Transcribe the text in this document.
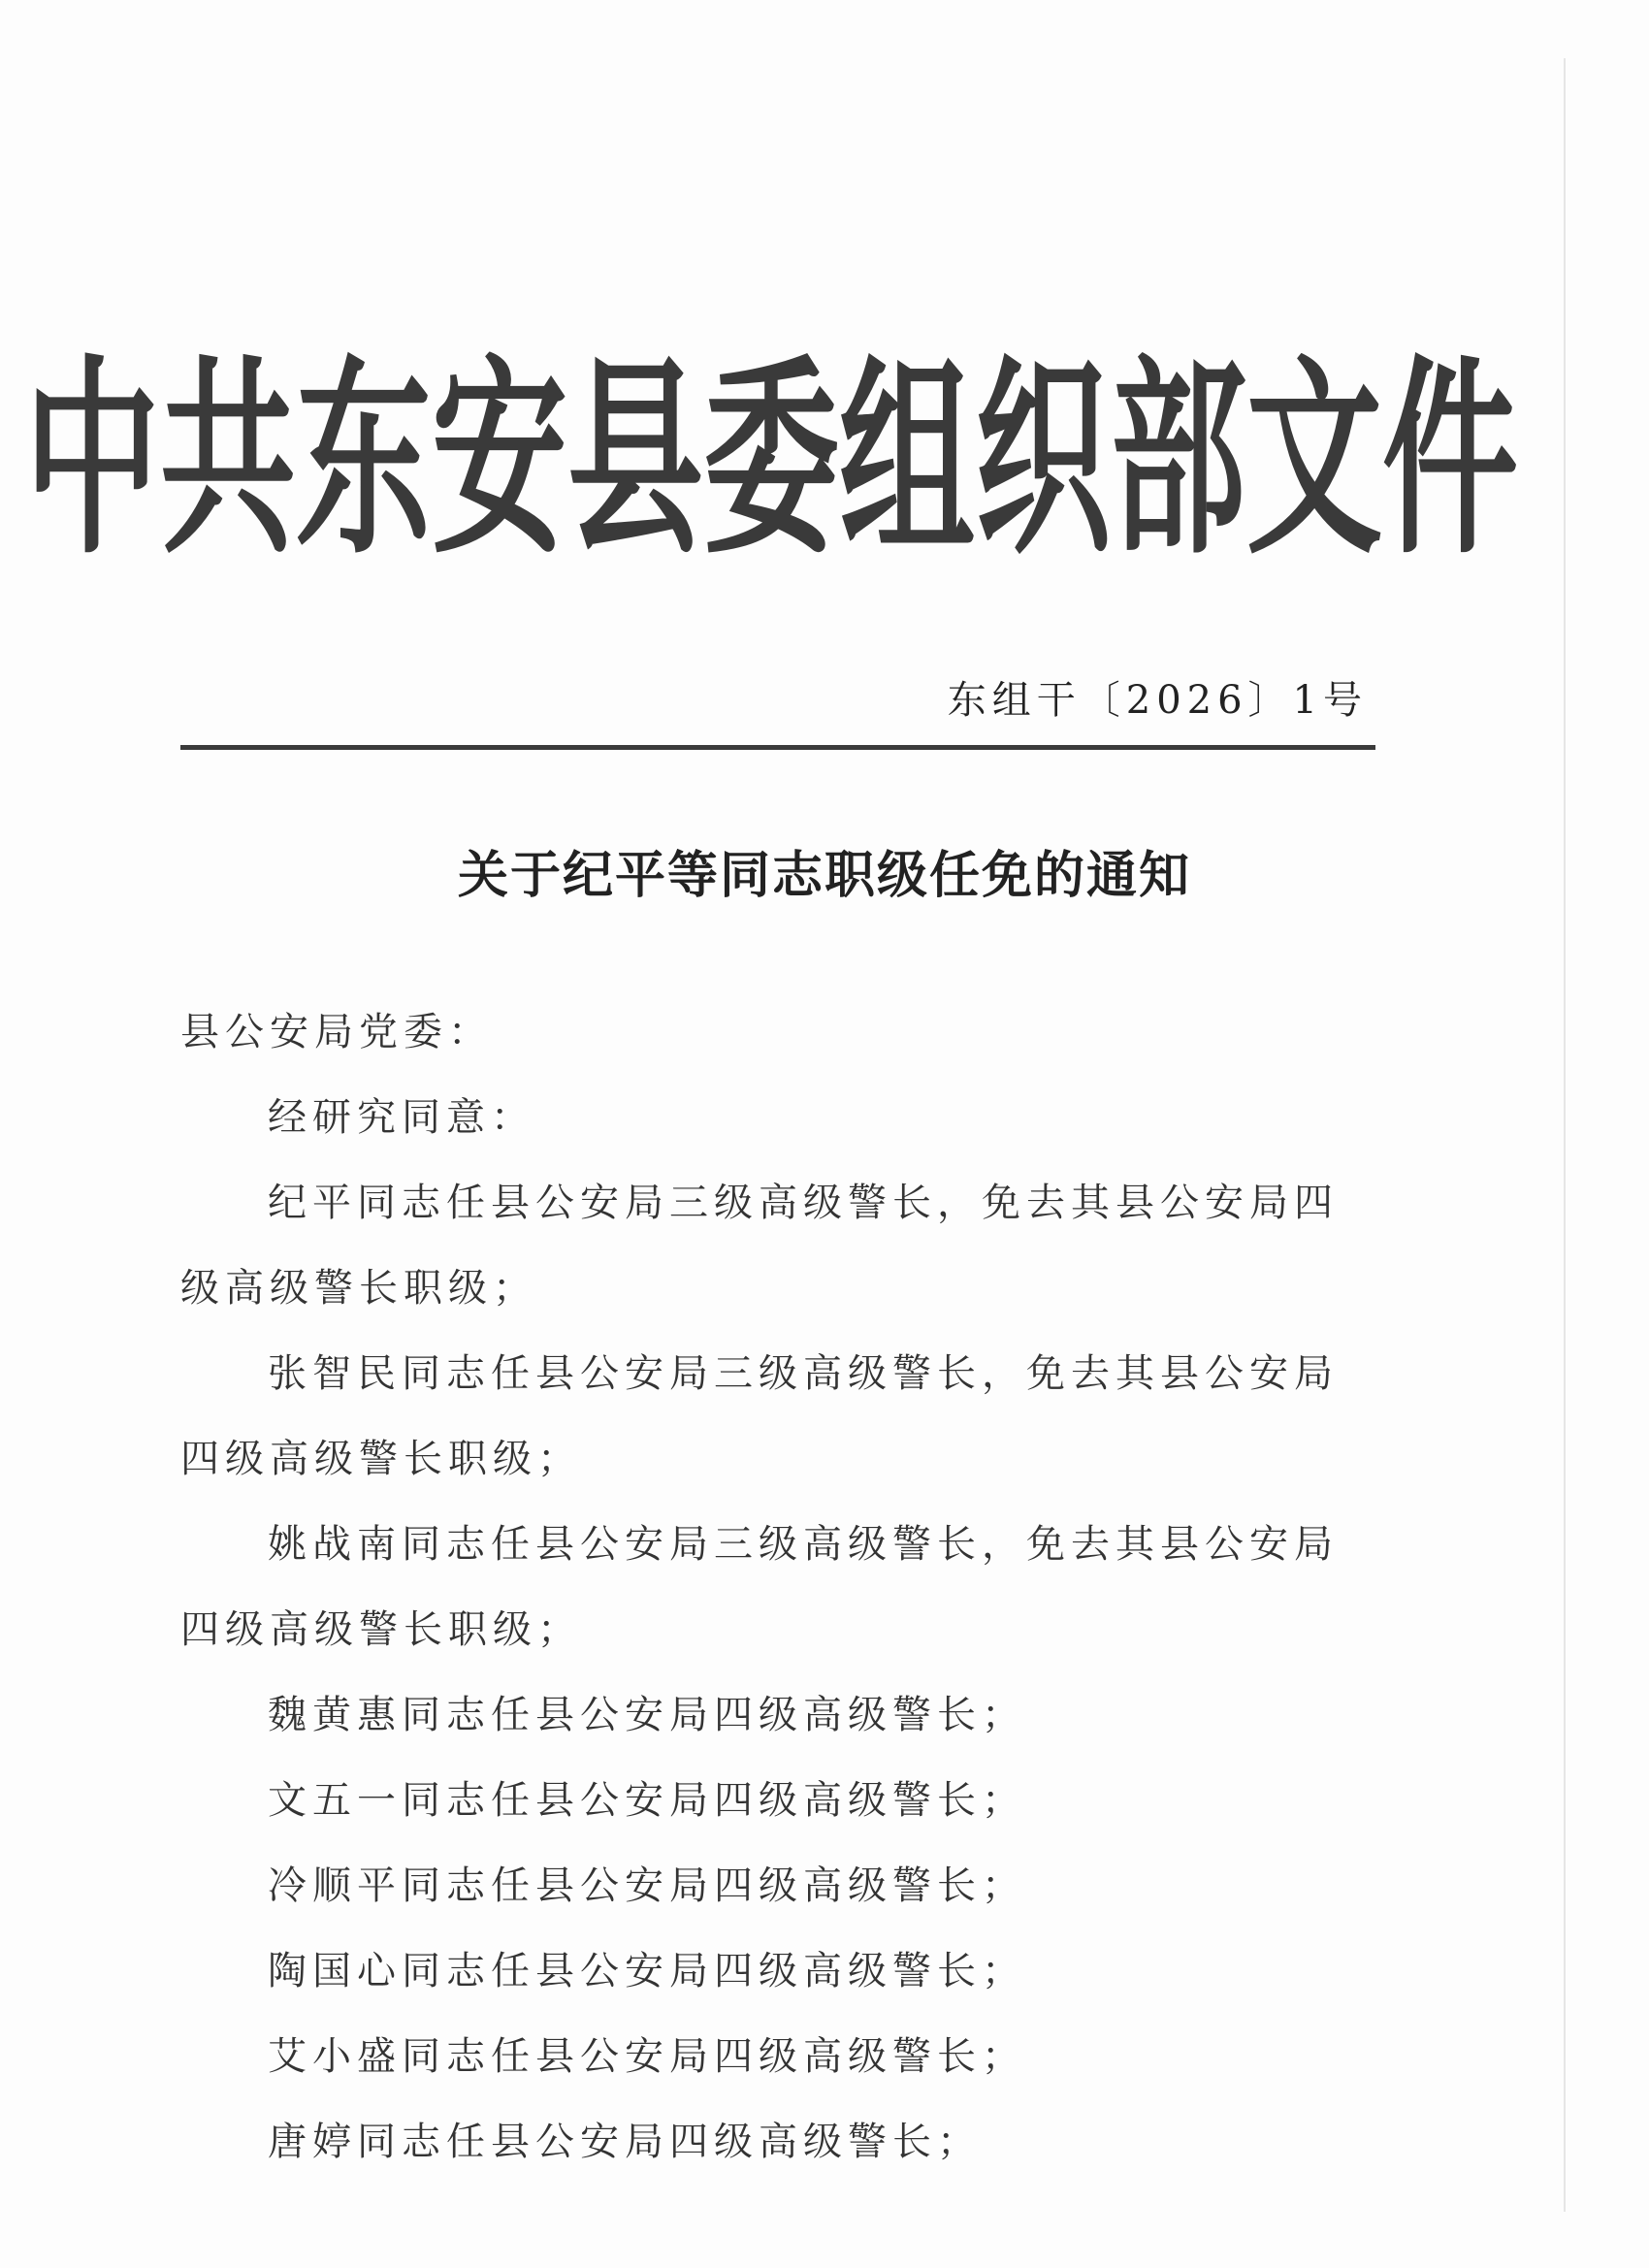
中共东安县委组织部文件
东组干〔2026〕1号
关于纪平等同志职级任免的通知

县公安局党委：

经研究同意：

纪平同志任县公安局三级高级警长，免去其县公安局四级高级警长职级；

张智民同志任县公安局三级高级警长，免去其县公安局四级高级警长职级；

姚战南同志任县公安局三级高级警长，免去其县公安局四级高级警长职级；

魏黄惠同志任县公安局四级高级警长；

文五一同志任县公安局四级高级警长；

冷顺平同志任县公安局四级高级警长；

陶国心同志任县公安局四级高级警长；

艾小盛同志任县公安局四级高级警长；

唐婷同志任县公安局四级高级警长；
